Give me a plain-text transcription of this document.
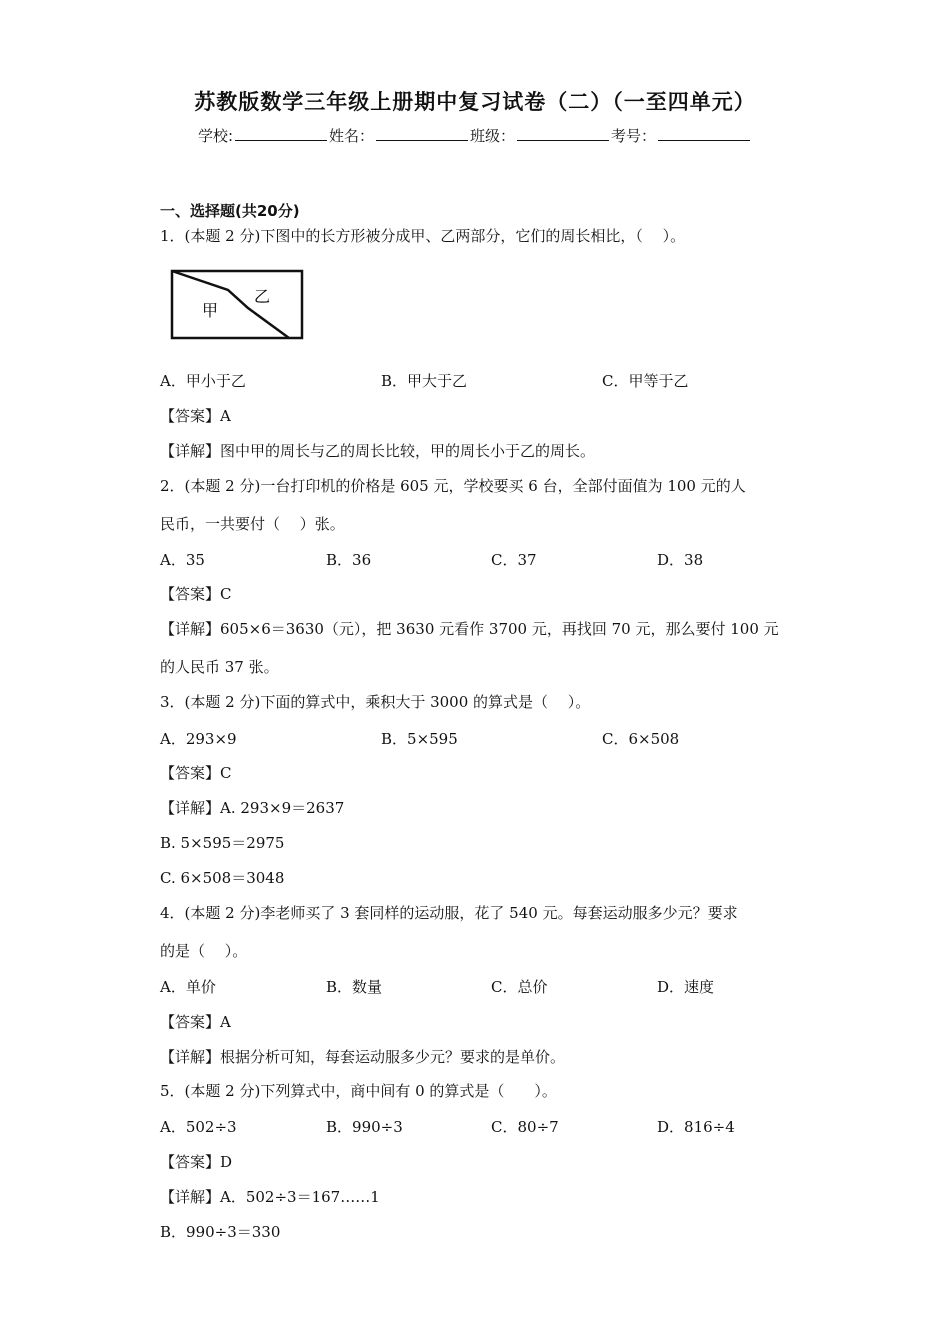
苏教版数学三年级上册期中复习试卷（二）（一至四单元）
学校:	姓名：	班级：	考号：
一、选择题(共20分)
1．(本题 2 分)下图中的长方形被分成甲、乙两部分，它们的周长相比，（　 ）。
甲
乙
A．甲小于乙	B．甲大于乙	C．甲等于乙
【答案】A
【详解】图中甲的周长与乙的周长比较，甲的周长小于乙的周长。
2．(本题 2 分)一台打印机的价格是 605 元，学校要买 6 台，全部付面值为 100 元的人
民币，一共要付（　 ）张。
A．35	B．36	C．37	D．38
【答案】C
【详解】605×6＝3630（元），把 3630 元看作 3700 元，再找回 70 元，那么要付 100 元
的人民币 37 张。
3．(本题 2 分)下面的算式中，乘积大于 3000 的算式是（　 ）。
A．293×9	B．5×595	C．6×508
【答案】C
【详解】A. 293×9＝2637
B. 5×595＝2975
C. 6×508＝3048
4．(本题 2 分)李老师买了 3 套同样的运动服，花了 540 元。每套运动服多少元？要求
的是（　 ）。
A．单价	B．数量	C．总价	D．速度
【答案】A
【详解】根据分析可知，每套运动服多少元？要求的是单价。
5．(本题 2 分)下列算式中，商中间有 0 的算式是（　　）。
A．502÷3	B．990÷3	C．80÷7	D．816÷4
【答案】D
【详解】A．502÷3＝167……1
B．990÷3＝330
